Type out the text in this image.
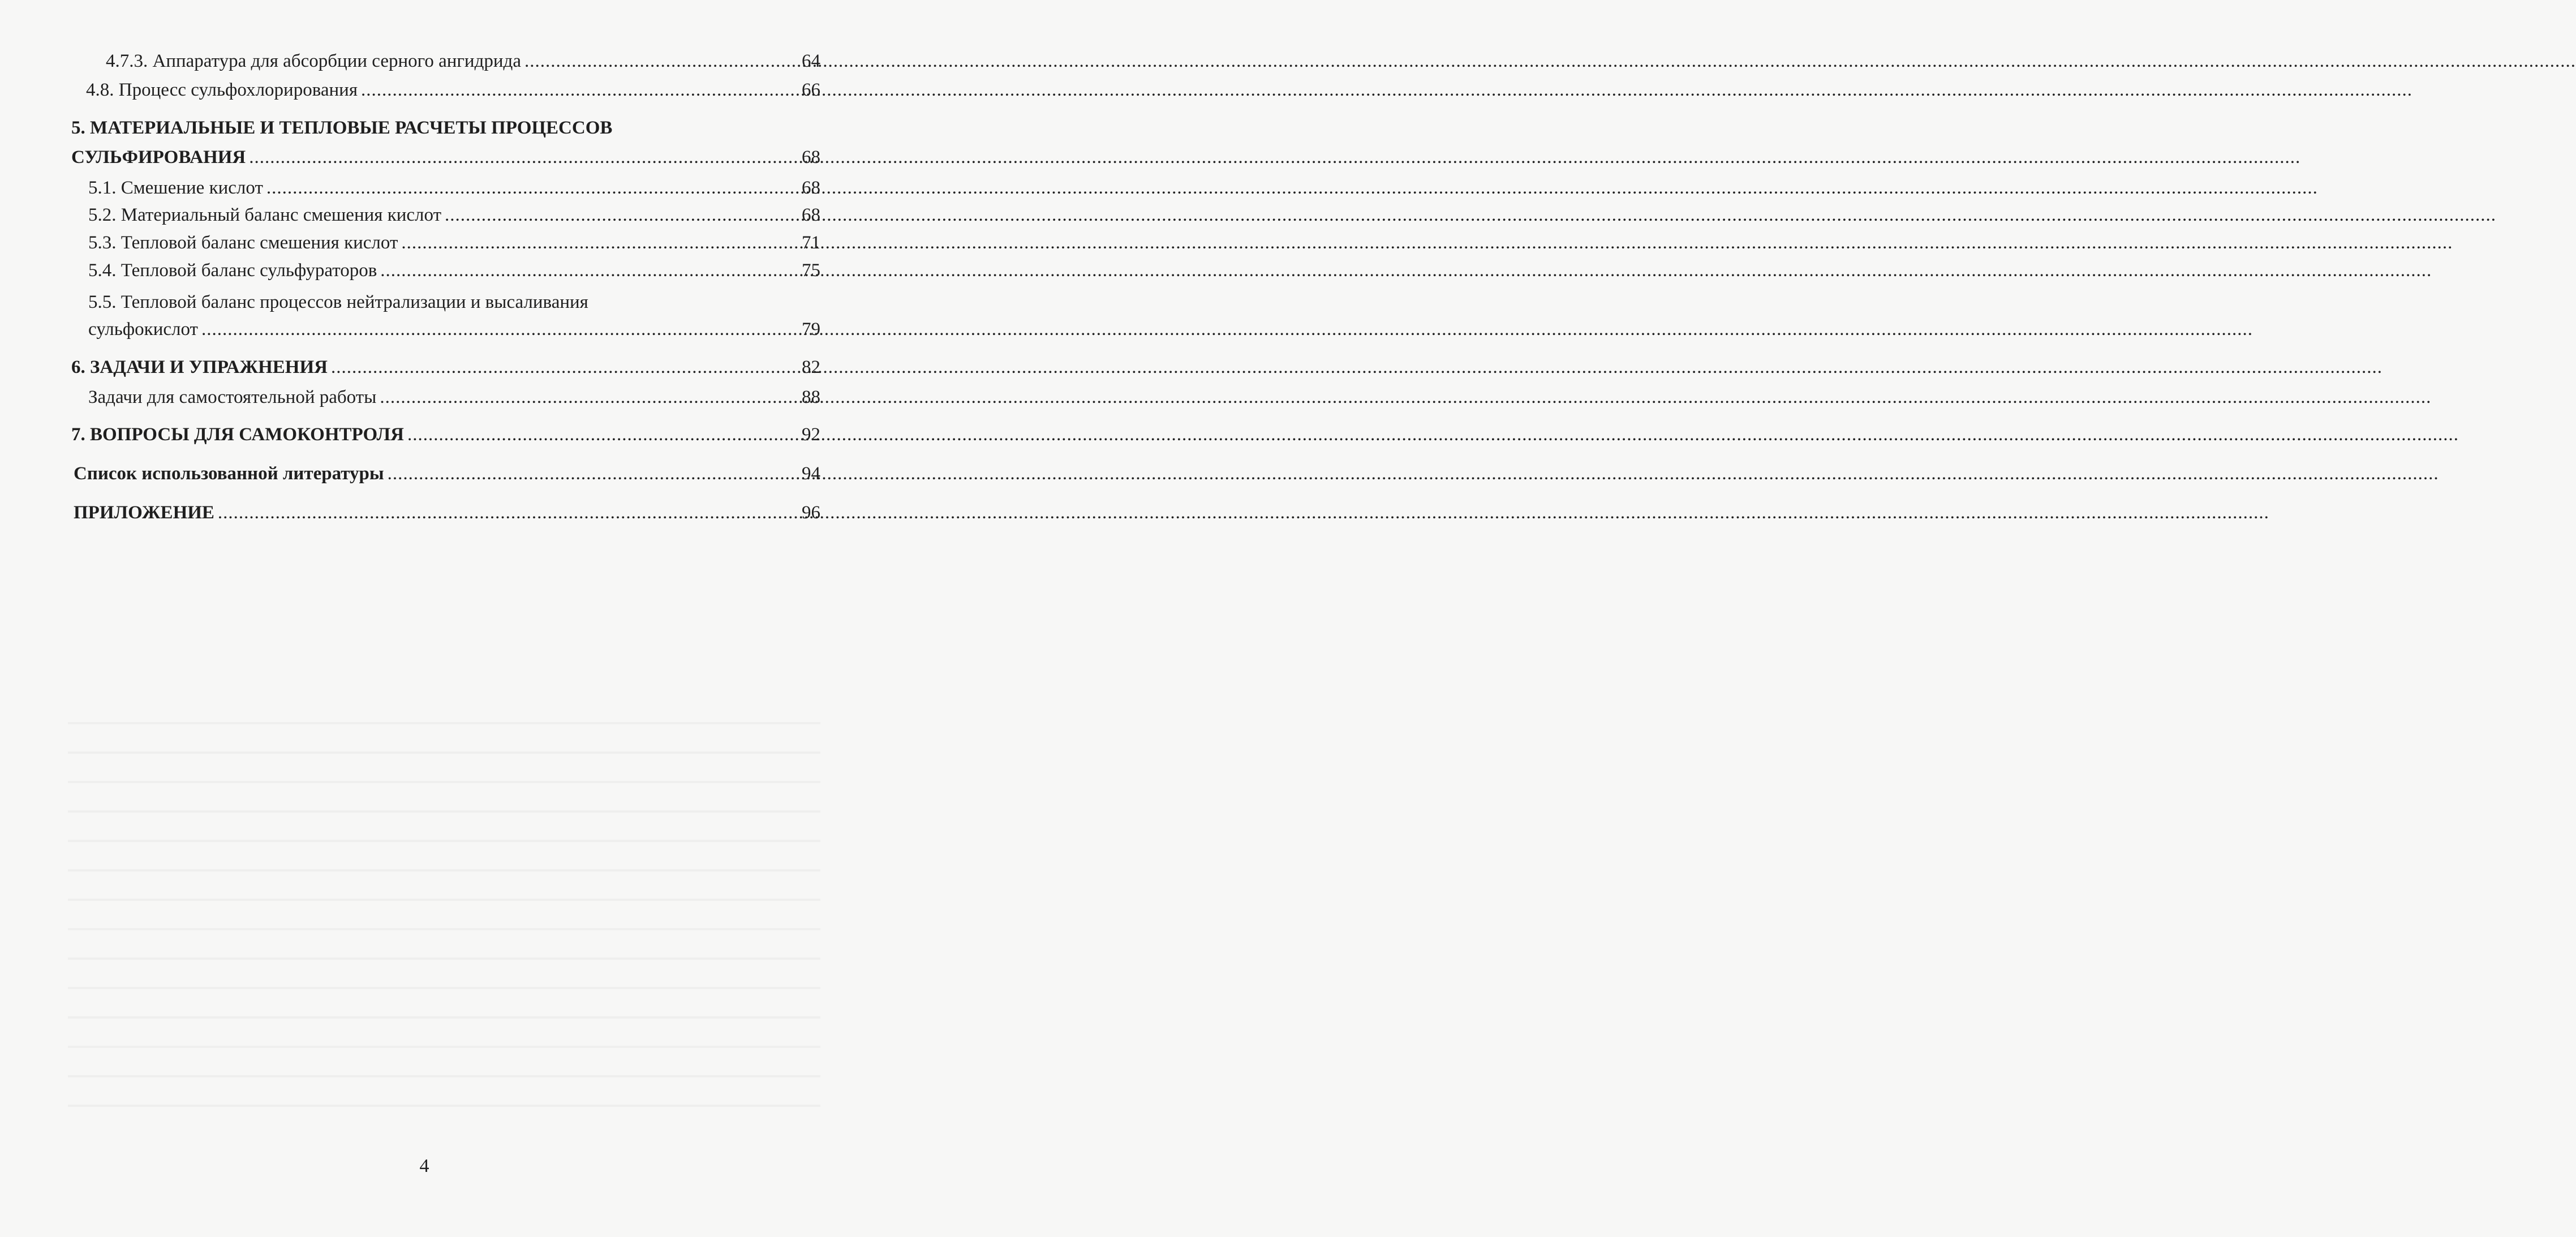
4.7.3.
Аппаратура для абсорбции серного ангидрида .....	64
4.8.
Процесс сульфохлорирования .....	66
5. МАТЕРИАЛЬНЫЕ И ТЕПЛОВЫЕ РАСЧЕТЫ ПРОЦЕССОВ
СУЛЬФИРОВАНИЯ .....	68
5.1.
Смешение кислот .....	68
5.2.
Материальный баланс смешения кислот .....	68
5.3.
Тепловой баланс смешения кислот .....	71
5.4.
Тепловой баланс сульфураторов .....	75
5.5. Тепловой баланс процессов нейтрализации и высаливания
сульфокислот .....	79
6.
ЗАДАЧИ И УПРАЖНЕНИЯ .....	82
Задачи для самостоятельной работы .....	88
7.
ВОПРОСЫ ДЛЯ САМОКОНТРОЛЯ .....	92
Список использованной литературы .....	94
ПРИЛОЖЕНИЕ .....	96
4
